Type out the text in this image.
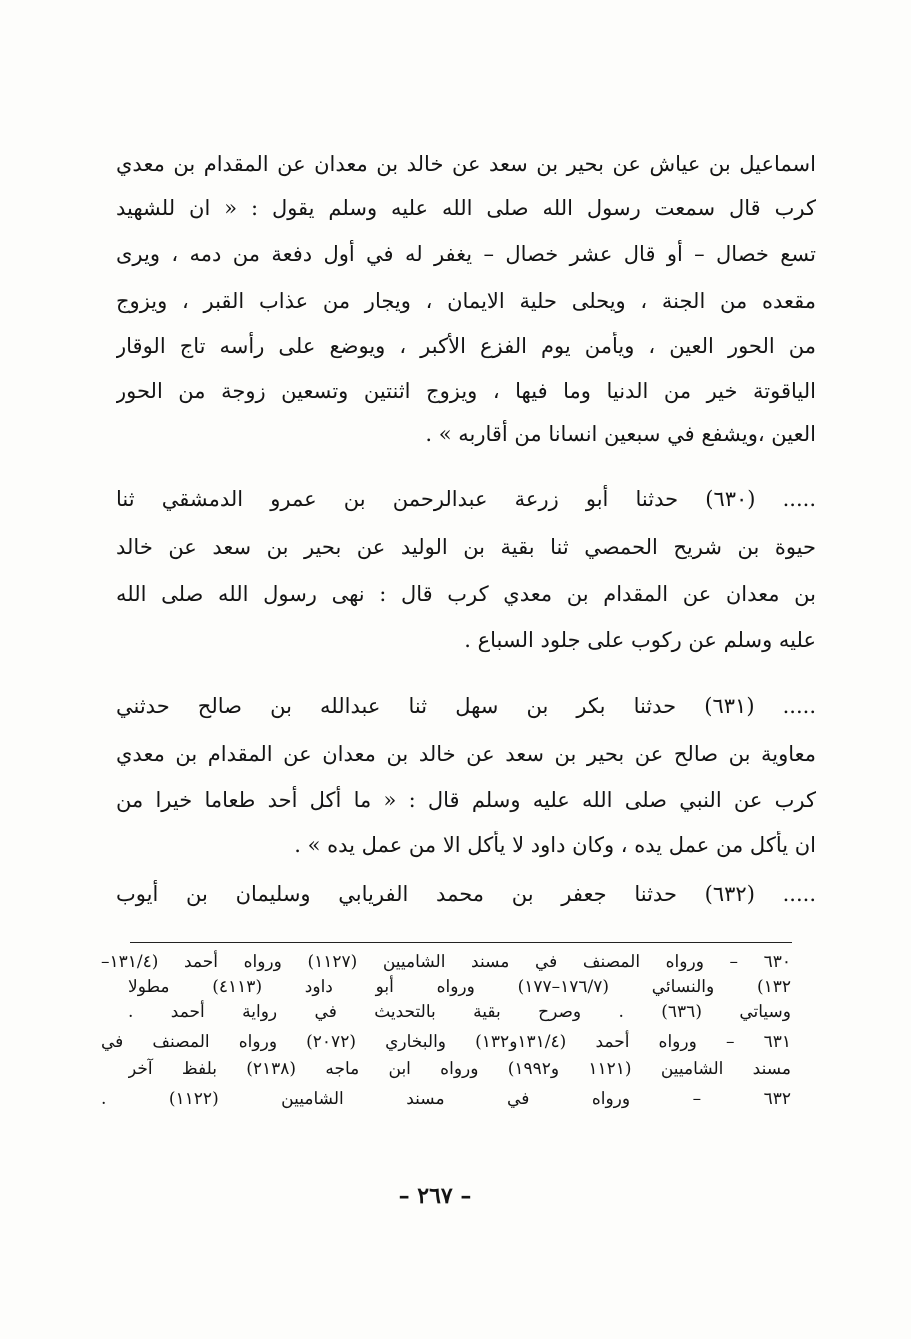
اسماعيل بن عياش عن بحير بن سعد عن خالد بن معدان عن المقدام بن معدي
كرب قال سمعت رسول الله صلى الله عليه وسلم يقول : « ان للشهيد
تسع خصال – أو قال عشر خصال – يغفر له في أول دفعة من دمه ، ويرى
مقعده من الجنة ، ويحلى حلية الايمان ، ويجار من عذاب القبر ، ويزوج
من الحور العين ، ويأمن يوم الفزع الأكبر ، ويوضع على رأسه تاج الوقار
الياقوتة خير من الدنيا وما فيها ، ويزوج اثنتين وتسعين زوجة من الحور
العين ،ويشفع في سبعين انسانا من أقاربه » .
..... (٦٣٠) حدثنا أبو زرعة عبدالرحمن بن عمرو الدمشقي ثنا
حيوة بن شريح الحمصي ثنا بقية بن الوليد عن بحير بن سعد عن خالد
بن معدان عن المقدام بن معدي كرب قال : نهى رسول الله صلى الله
عليه وسلم عن ركوب على جلود السباع .
..... (٦٣١) حدثنا بكر بن سهل ثنا عبدالله بن صالح حدثني
معاوية بن صالح عن بحير بن سعد عن خالد بن معدان عن المقدام بن معدي
كرب عن النبي صلى الله عليه وسلم قال : « ما أكل أحد طعاما خيرا من
ان يأكل من عمل يده ، وكان داود لا يأكل الا من عمل يده » .
..... (٦٣٢) حدثنا جعفر بن محمد الفريابي وسليمان بن أيوب
٦٣٠ – ورواه المصنف في مسند الشاميين (١١٢٧) ورواه أحمد (١٣١/٤–
١٣٢) والنسائي (١٧٦/٧–١٧٧) ورواه أبو داود (٤١١٣) مطولا
وسياتي (٦٣٦) . وصرح بقية بالتحديث في رواية أحمد .
٦٣١ – ورواه أحمد (١٣١/٤و١٣٢) والبخاري (٢٠٧٢) ورواه المصنف في
مسند الشاميين (١١٢١ و١٩٩٢) ورواه ابن ماجه (٢١٣٨) بلفظ آخر
٦٣٢ – ورواه في مسند الشاميين (١١٢٢) .
– ٢٦٧ –
